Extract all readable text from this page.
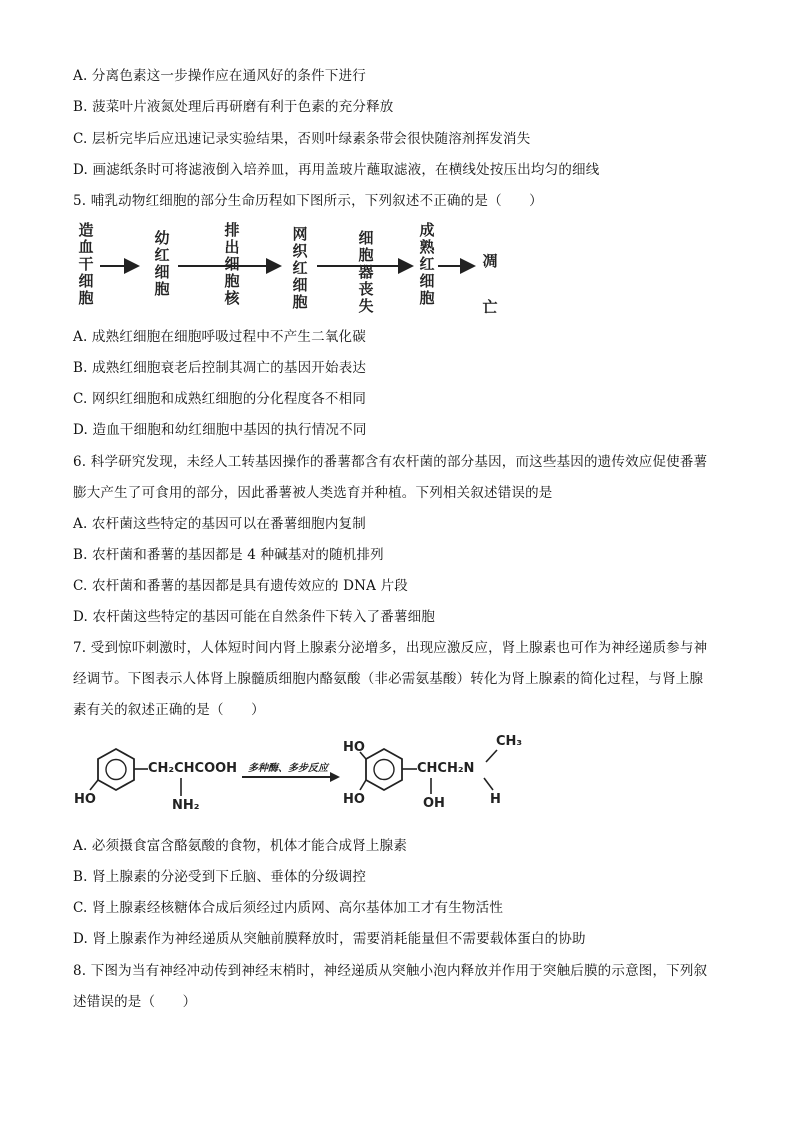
A. 分离色素这一步操作应在通风好的条件下进行
B. 菠菜叶片液氮处理后再研磨有利于色素的充分释放
C. 层析完毕后应迅速记录实验结果，否则叶绿素条带会很快随溶剂挥发消失
D. 画滤纸条时可将滤液倒入培养皿，再用盖玻片蘸取滤液，在横线处按压出均匀的细线
5. 哺乳动物红细胞的部分生命历程如下图所示，下列叙述不正确的是（　　）
造
血
干
细
胞
幼
红
细
胞
排
出
细
胞
核
网
织
红
细
胞
细
胞
器
丧
失
成
熟
红
细
胞
凋
亡
A. 成熟红细胞在细胞呼吸过程中不产生二氧化碳
B. 成熟红细胞衰老后控制其凋亡的基因开始表达
C. 网织红细胞和成熟红细胞的分化程度各不相同
D. 造血干细胞和幼红细胞中基因的执行情况不同
6. 科学研究发现，未经人工转基因操作的番薯都含有农杆菌的部分基因，而这些基因的遗传效应促使番薯
膨大产生了可食用的部分，因此番薯被人类选育并种植。下列相关叙述错误的是
A. 农杆菌这些特定的基因可以在番薯细胞内复制
B. 农杆菌和番薯的基因都是 4 种碱基对的随机排列
C. 农杆菌和番薯的基因都是具有遗传效应的 DNA 片段
D. 农杆菌这些特定的基因可能在自然条件下转入了番薯细胞
7. 受到惊吓刺激时，人体短时间内肾上腺素分泌增多，出现应激反应，肾上腺素也可作为神经递质参与神
经调节。下图表示人体肾上腺髓质细胞内酪氨酸（非必需氨基酸）转化为肾上腺素的简化过程，与肾上腺
素有关的叙述正确的是（　　）
HO
CH₂CHCOOH
NH₂
多种酶、多步反应
HO
HO
CHCH₂N
OH
CH₃
H
A. 必须摄食富含酪氨酸的食物，机体才能合成肾上腺素
B. 肾上腺素的分泌受到下丘脑、垂体的分级调控
C. 肾上腺素经核糖体合成后须经过内质网、高尔基体加工才有生物活性
D. 肾上腺素作为神经递质从突触前膜释放时，需要消耗能量但不需要载体蛋白的协助
8. 下图为当有神经冲动传到神经末梢时，神经递质从突触小泡内释放并作用于突触后膜的示意图，下列叙
述错误的是（　　）
